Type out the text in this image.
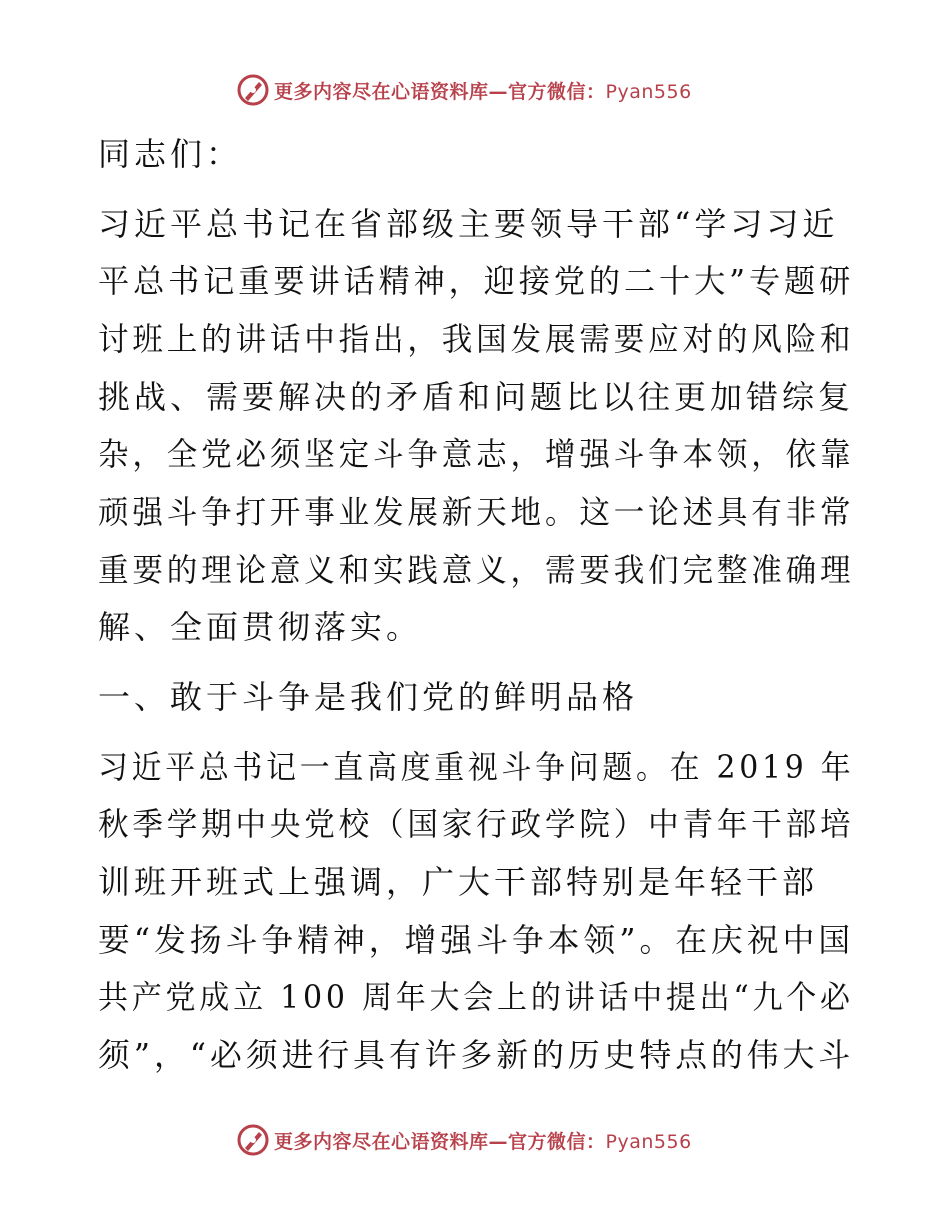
更多内容尽在心语资料库—官方微信：Pyan556
同志们：
习近平总书记在省部级主要领导干部“学习习近
平总书记重要讲话精神，迎接党的二十大”专题研
讨班上的讲话中指出，我国发展需要应对的风险和
挑战、需要解决的矛盾和问题比以往更加错综复
杂，全党必须坚定斗争意志，增强斗争本领，依靠
顽强斗争打开事业发展新天地。这一论述具有非常
重要的理论意义和实践意义，需要我们完整准确理
解、全面贯彻落实。
一、敢于斗争是我们党的鲜明品格
习近平总书记一直高度重视斗争问题。在 2019 年
秋季学期中央党校（国家行政学院）中青年干部培
训班开班式上强调，广大干部特别是年轻干部
要“发扬斗争精神，增强斗争本领”。在庆祝中国
共产党成立 100 周年大会上的讲话中提出“九个必
须”，“必须进行具有许多新的历史特点的伟大斗
更多内容尽在心语资料库—官方微信：Pyan556
